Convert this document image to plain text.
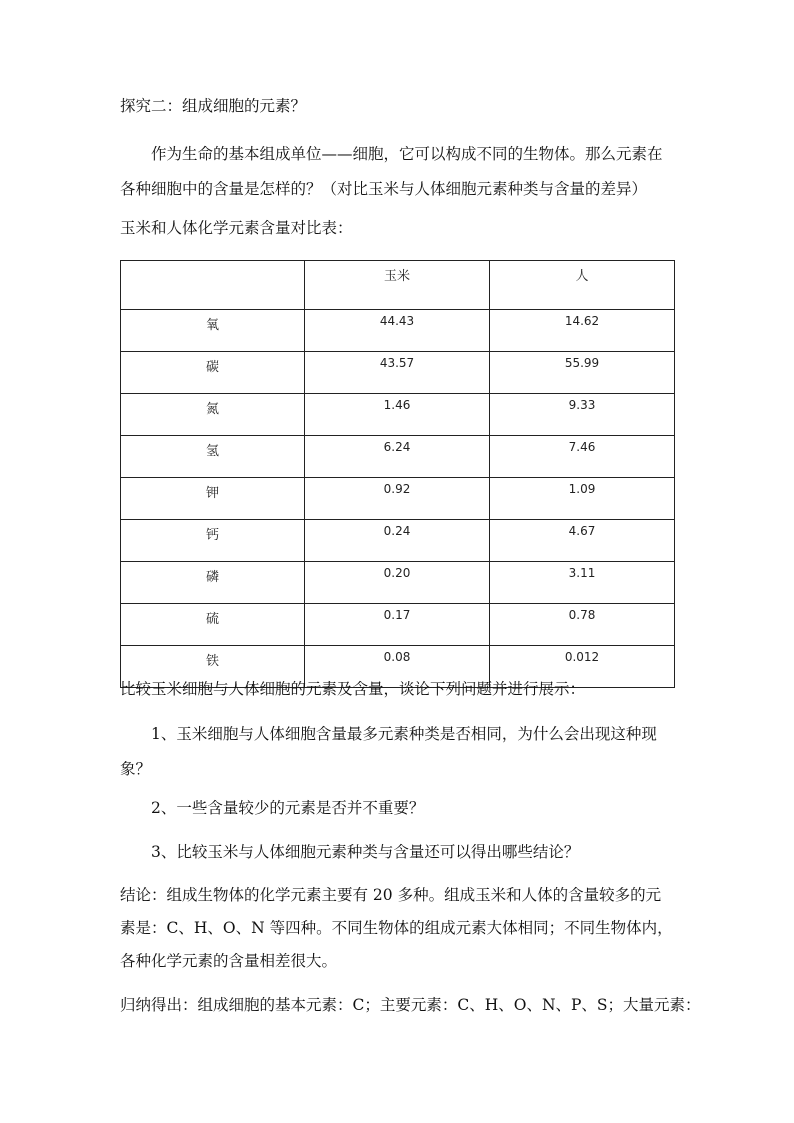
探究二：组成细胞的元素？
作为生命的基本组成单位——细胞，它可以构成不同的生物体。那么元素在
各种细胞中的含量是怎样的？（对比玉米与人体细胞元素种类与含量的差异）
玉米和人体化学元素含量对比表：
	玉米	人
氧	44.43	14.62
碳	43.57	55.99
氮	1.46	9.33
氢	6.24	7.46
钾	0.92	1.09
钙	0.24	4.67
磷	0.20	3.11
硫	0.17	0.78
铁	0.08	0.012
比较玉米细胞与人体细胞的元素及含量，谈论下列问题并进行展示：
1、玉米细胞与人体细胞含量最多元素种类是否相同，为什么会出现这种现
象？
2、一些含量较少的元素是否并不重要？
3、比较玉米与人体细胞元素种类与含量还可以得出哪些结论？
结论：组成生物体的化学元素主要有 20 多种。组成玉米和人体的含量较多的元
素是：C、H、O、N 等四种。不同生物体的组成元素大体相同；不同生物体内，
各种化学元素的含量相差很大。
归纳得出：组成细胞的基本元素：C；主要元素：C、H、O、N、P、S；大量元素：
